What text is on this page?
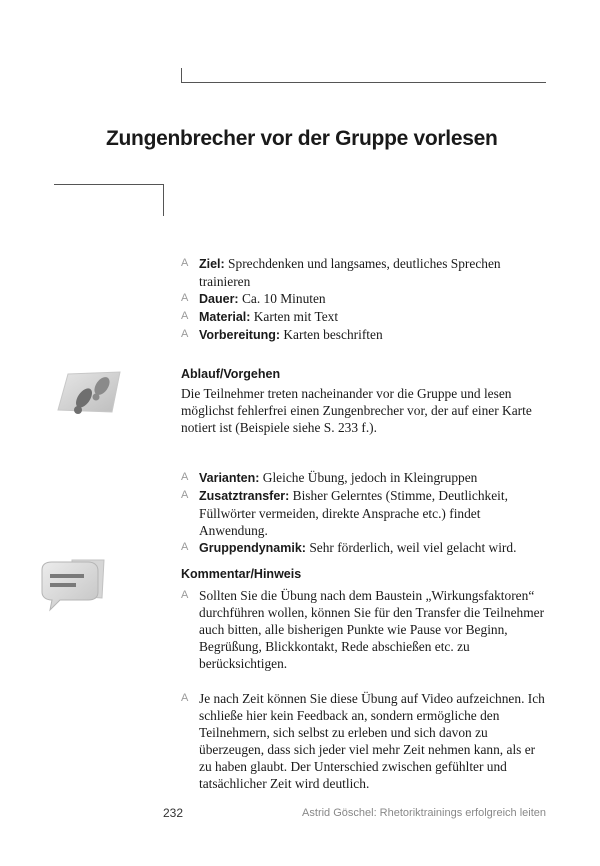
Zungenbrecher vor der Gruppe vorlesen

A Ziel: Sprechdenken und langsames, deutliches Sprechen trainieren

A Dauer: Ca. 10 Minuten

A Material: Karten mit Text

A Vorbereitung: Karten beschriften

Ablauf/Vorgehen

Die Teilnehmer treten nacheinander vor die Gruppe und lesen möglichst fehlerfrei einen Zungenbrecher vor, der auf einer Karte notiert ist (Beispiele siehe S. 233 f.).

A Varianten: Gleiche Übung, jedoch in Kleingruppen

A Zusatztransfer: Bisher Gelerntes (Stimme, Deutlichkeit, Füllwörter vermeiden, direkte Ansprache etc.) findet Anwendung.

A Gruppendynamik: Sehr förderlich, weil viel gelacht wird.

Kommentar/Hinweis

A Sollten Sie die Übung nach dem Baustein „Wirkungsfaktoren“ durchführen wollen, können Sie für den Transfer die Teilnehmer auch bitten, alle bisherigen Punkte wie Pause vor Beginn, Begrüßung, Blickkontakt, Rede abschießen etc. zu berücksichtigen.

A Je nach Zeit können Sie diese Übung auf Video aufzeichnen. Ich schließe hier kein Feedback an, sondern ermögliche den Teilnehmern, sich selbst zu erleben und sich davon zu überzeugen, dass sich jeder viel mehr Zeit nehmen kann, als er zu haben glaubt. Der Unterschied zwischen gefühlter und tatsächlicher Zeit wird deutlich.

232	Astrid Göschel: Rhetoriktrainings erfolgreich leiten
